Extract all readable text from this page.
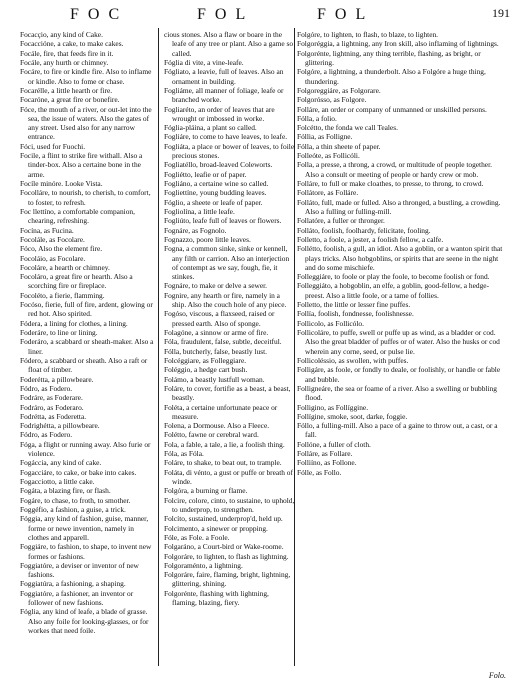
FOC	FOL	FOL	191

Focacçio, any kind of Cake.

Focaccióne, a cake, to make cakes.

Focále, fire, that feeds fire in it.

Focále, any hurth or chimney.

Focáre, to fire or kindle fire. Also to inflame or kindle. Also to fome or chase.

Focarélle, a little hearth or fire.

Focaróne, a great fire or bonefire.

Fóce, the mouth of a river, or out-let into the sea, the issue of waters. Also the gates of any street. Used also for any narrow entrance.

Fóci, used for Fuochi.

Focile, a flint to strike fire withall. Also a tinder-box. Also a certaine bone in the arme.

Focíle minóre. Looke Vista.

Focolláre, to nourish, to cherish, to comfort, to foster, to refresh.

Foc llettíno, a comfortable companion, chearing, refreshing.

Focína, as Fucina.

Focolále, as Focolare.

Fóco, Also the element fire.

Focoláio, as Focolare.

Focoláre, a hearth or chimney.

Focoláro, a great fire or hearth. Also a scorching fire or fireplace.

Focoléto, a fierie, flamming.

Focóso, fierie, full of fire, ardent, glowing or red hot. Also spirited.

Fódera, a lining for clothes, a lining.

Foderáre, to line or lining.

Foderáro, a scabbard or sheath-maker. Also a liner.

Fódero, a scabbard or sheath. Also a raft or float of timber.

Foderétta, a pillowbeare.

Fódro, as Fodero.

Fodráre, as Foderare.

Fodráro, as Foderaro.

Fodrétta, as Foderetta.

Fodrighétta, a pillowbeare.

Fódro, as Fodero.

Fóga, a flight or running away. Also furie or violence.

Fogáccia, any kind of cake.

Fogacciáre, to cake, or bake into cakes.

Fogacciotto, a little cake.

Fogáta, a blazing fire, or flash.

Fogáre, to chase, to froth, to smother.

Foggéfio, a fashion, a guise, a trick.

Fóggia, any kind of fashion, guise, manner, forme or newe invention, namely in clothes and apparell.

Foggiáre, to fashion, to shape, to invent new formes or fashions.

Foggiatóre, a deviser or inventor of new fashions.

Foggiatúra, a fashioning, a shaping.

Foggiatóre, a fashioner, an inventor or follower of new fashions.

Fóglia, any kind of leafe, a blade of grasse. Also any foile for looking-glasses, or for workes that need foile.

cious stones. Also a flaw or boare in the leafe of any tree or plant. Also a game so called.

Fóglia di vite, a vine-leafe.

Fógliato, a leavie, full of leaves. Also an ornament in building.

Fogliáme, all manner of foliage, leafe or branched worke.

Fogliaréto, an order of leaves that are wrought or imbossed in worke.

Fóglia-pláina, a plant so called.

Fogliáre, to come to have leaves, to leafe.

Fogliáta, a place or bower of leaves, to foile precious stones.

Fogliatéllo, broad-leaved Coleworts.

Fogliétto, leafie or of paper.

Fogliáno, a certaine wine so called.

Fogliettíne, young budding leaves.

Fóglio, a sheete or leafe of paper.

Fogliolína, a little leafe.

Fogliúto, leafe full of leaves or flowers.

Fognáre, as Fognolo.

Fognazzo, poore little leaves.

Fogna, a common sinke, sinke or kennell, any filth or carrion. Also an interjection of contempt as we say, fough, fie, it stinkes.

Fognáre, to make or delve a sewer.

Fognire, any hearth or fire, namely in a ship. Also the couch hole of any piece.

Fogóso, viscous, a flaxseed, raised or pressed earth. Also of sponge.

Folagóne, a sinnow or arme of fire.

Fóla, fraudulent, false, subtle, deceitful.

Fólla, butcherly, false, beastly lust.

Folcéggiare, as Folleggiare.

Foléggio, a hedge cart bush.

Folámo, a beastly lustfull woman.

Foláre, to cover, fortifie as a beast, a beast, beastly.

Foléta, a certaine unfortunate peace or measure.

Folena, a Dormouse. Also a Fleece.

Folétto, fawne or cerebral ward.

Fola, a fable, a tale, a lie, a foolish thing.

Fóla, as Fóla.

Foláre, to shake, to beat out, to trample.

Foláta, di vénto, a gust or puffe or breath of winde.

Folgóra, a burning or flame.

Folcire, colore, cinto, to sustaine, to uphold, to underprop, to strengthen.

Folcíto, sustained, underprop'd, held up.

Folcimento, a sinewer or propping.

Fóle, as Fole. a Foole.

Folgaráno, a Court-bird or Wake-roome.

Folgoráre, to lighten, to flash as lightning.

Folgoraménto, a lightning.

Folgoráre, faire, flaming, bright, lightning, glittering, shining.

Folgorénte, flashing with lightning, flaming, blazing, fiery.

Folgóre, to lighten, to flash, to blaze, to lighten.

Folgoréggia, a lightning, any Iron skill, also inflaming of lightnings.

Folgorénte, lightning, any thing terrible, flashing, as bright, or glittering.

Folgóre, a lightning, a thunderbolt. Also a Folgóre a huge thing, thundering.

Folgoreggiáre, as Folgorare.

Folgorósso, as Folgore.

Folláre, an order or company of unmanned or unskilled persons.

Fólla, a folio.

Folcétto, the fonda we call Teales.

Fóllia, as Folligne.

Fólla, a thin sheete of paper.

Folleóte, as Follicóli.

Folla, a presse, a throng, a crowd, or multitude of people together. Also a consult or meeting of people or hardy crew or mob.

Folláre, to full or make cloathes, to presse, to throng, to crowd.

Follátore, as Folláre.

Folláto, full, made or fulled. Also a thronged, a bustling, a crowding. Also a fulling or fulling-mill.

Follatóre, a fuller or thronger.

Folláto, foolish, foolhardy, felicitate, fooling.

Folletto, a foole, a jester, a foolish fellow, a calfe.

Follétto, foolish, a gull, an idiot. Also a goblin, or a wanton spirit that plays tricks. Also hobgoblins, or spirits that are seene in the night and do some mischiefe.

Folleggiáre, to foole or play the foole, to become foolish or fond.

Folleggiáto, a hobgoblin, an elfe, a goblin, good-fellow, a hedge-preest. Also a little foole, or a tame of follies.

Folletto, the little or lesser fine puffes.

Follía, foolish, fondnesse, foolishnesse.

Follicolo, as Follicólo.

Follicoláre, to puffe, swell or puffe up as wind, as a bladder or cod. Also the great bladder of puffes or of water. Also the husks or cod wherein any corne, seed, or pulse lie.

Follicoléssio, as swollen, with puffes.

Folligáre, as foole, or fondly to deale, or foolishly, or handle or fable and bubble.

Folligneáre, the sea or foame of a river. Also a swelling or bubbling flood.

Folligino, as Follíggine.

Follígine, smoke, soot, darke, foggie.

Fóllo, a fulling-mill. Also a pace of a gaine to throw out, a cast, or a fall.

Follóne, a fuller of cloth.

Folláre, as Follare.

Folliíno, as Follone.

Fólle, as Follo.

Folo.
